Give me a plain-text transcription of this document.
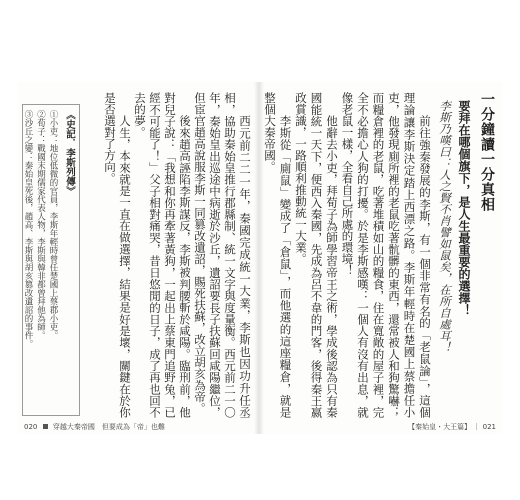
一分鐘讀一分真相
要拜在哪個旗下，是人生最重要的選擇！

李斯乃嘆曰：人之賢不肖譬如鼠矣，在所自處耳！

前往強秦發展的李斯，有一個非常有名的「老鼠論」，這個理論讓李斯決定踏上西漂之路。李斯年輕時在楚國上蔡擔任小吏，他發現廁所裡的老鼠吃著骯髒的東西，還常被人和狗驚嚇；而糧倉裡的老鼠，吃著堆積如山的糧食，住在寬敞的屋子裡，完全不必擔心人狗的打擾。於是李斯感嘆：一個人有沒有出息，就像老鼠一樣，全看自己所處的環境！

他辭去小吏，拜荀子為師學習帝王之術，學成後認為只有秦國能統一天下，便西入秦國，先成為呂不韋的門客，後得秦王嬴政賞識，一路順利推動統一大業。

李斯從「廁鼠」變成了「倉鼠」，而他選的這座糧倉，就是整個大秦帝國。

西元前二二一年，秦國完成統一大業，李斯也因功升任丞相，協助秦始皇推行郡縣制、統一文字與度量衡。西元前二一〇年，秦始皇出巡途中病逝於沙丘，遺詔要長子扶蘇回咸陽繼位，但宦官趙高說服李斯一同篡改遺詔，賜死扶蘇，改立胡亥為帝。

後來趙高誣陷李斯謀反，李斯被判腰斬於咸陽。臨刑前，他對兒子說：「我想和你再牽著黃狗，一起出上蔡東門追野兔，已經不可能了！」父子相對痛哭，昔日悠閒的日子，成了再也回不去的夢。

人生，本來就是一直在做選擇，結果是好是壞，關鍵在於你是否選對了方向。

《史記．李斯列傳》

①小吏：地位低微的官員，李斯年輕時曾任楚國上蔡郡小吏。

②荀子：戰國末期儒家代表人物，李斯與韓非都曾拜他為師。

③沙丘之變：秦始皇死後，趙高、李斯與胡亥篡改遺詔的事件。

020 穿越大秦帝國　但要成為「帝」也難	【秦始皇・大王篇】 ｜ 021
